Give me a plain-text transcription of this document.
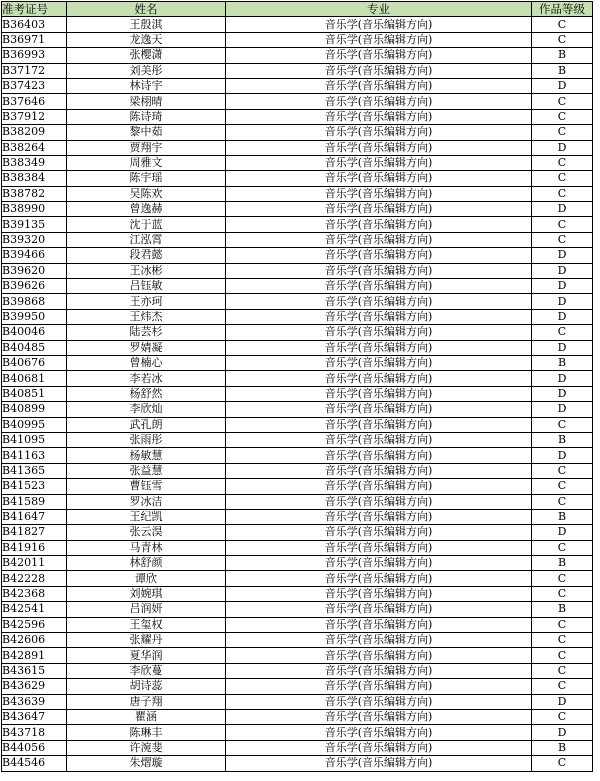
准考证号	姓名	专业	作品等级
B36403	王殷淇	音乐学(音乐编辑方向)	C
B36971	龙逸天	音乐学(音乐编辑方向)	C
B36993	张樱潇	音乐学(音乐编辑方向)	B
B37172	刘美彤	音乐学(音乐编辑方向)	B
B37423	林诗宇	音乐学(音乐编辑方向)	D
B37646	梁栩晴	音乐学(音乐编辑方向)	C
B37912	陈诗琦	音乐学(音乐编辑方向)	C
B38209	黎中茹	音乐学(音乐编辑方向)	C
B38264	贾翔宇	音乐学(音乐编辑方向)	D
B38349	周雅文	音乐学(音乐编辑方向)	C
B38384	陈宇瑶	音乐学(音乐编辑方向)	C
B38782	吴陈欢	音乐学(音乐编辑方向)	C
B38990	曾逸赫	音乐学(音乐编辑方向)	D
B39135	沈于蓝	音乐学(音乐编辑方向)	C
B39320	江泓霄	音乐学(音乐编辑方向)	C
B39466	段君懿	音乐学(音乐编辑方向)	D
B39620	王冰彬	音乐学(音乐编辑方向)	D
B39626	吕钰敏	音乐学(音乐编辑方向)	D
B39868	王亦珂	音乐学(音乐编辑方向)	D
B39950	王炜杰	音乐学(音乐编辑方向)	D
B40046	陆芸杉	音乐学(音乐编辑方向)	C
B40485	罗婧凝	音乐学(音乐编辑方向)	D
B40676	曾楠心	音乐学(音乐编辑方向)	B
B40681	李若冰	音乐学(音乐编辑方向)	D
B40851	杨舒然	音乐学(音乐编辑方向)	D
B40899	李欣灿	音乐学(音乐编辑方向)	D
B40995	武孔朗	音乐学(音乐编辑方向)	C
B41095	张雨彤	音乐学(音乐编辑方向)	B
B41163	杨敏慧	音乐学(音乐编辑方向)	D
B41365	张益慧	音乐学(音乐编辑方向)	C
B41523	曹钰雪	音乐学(音乐编辑方向)	C
B41589	罗冰洁	音乐学(音乐编辑方向)	C
B41647	王纪凯	音乐学(音乐编辑方向)	B
B41827	张云淏	音乐学(音乐编辑方向)	D
B41916	马青林	音乐学(音乐编辑方向)	C
B42011	林舒颜	音乐学(音乐编辑方向)	B
B42228	谭欣	音乐学(音乐编辑方向)	C
B42368	刘婉琪	音乐学(音乐编辑方向)	C
B42541	吕润妍	音乐学(音乐编辑方向)	B
B42596	王玺权	音乐学(音乐编辑方向)	C
B42606	张耀丹	音乐学(音乐编辑方向)	C
B42891	夏华润	音乐学(音乐编辑方向)	C
B43615	李欣蔓	音乐学(音乐编辑方向)	C
B43629	胡诗蕊	音乐学(音乐编辑方向)	C
B43639	唐子翔	音乐学(音乐编辑方向)	D
B43647	瞿涵	音乐学(音乐编辑方向)	C
B43718	陈琳丰	音乐学(音乐编辑方向)	D
B44056	许涴斐	音乐学(音乐编辑方向)	B
B44546	朱熠璇	音乐学(音乐编辑方向)	C
